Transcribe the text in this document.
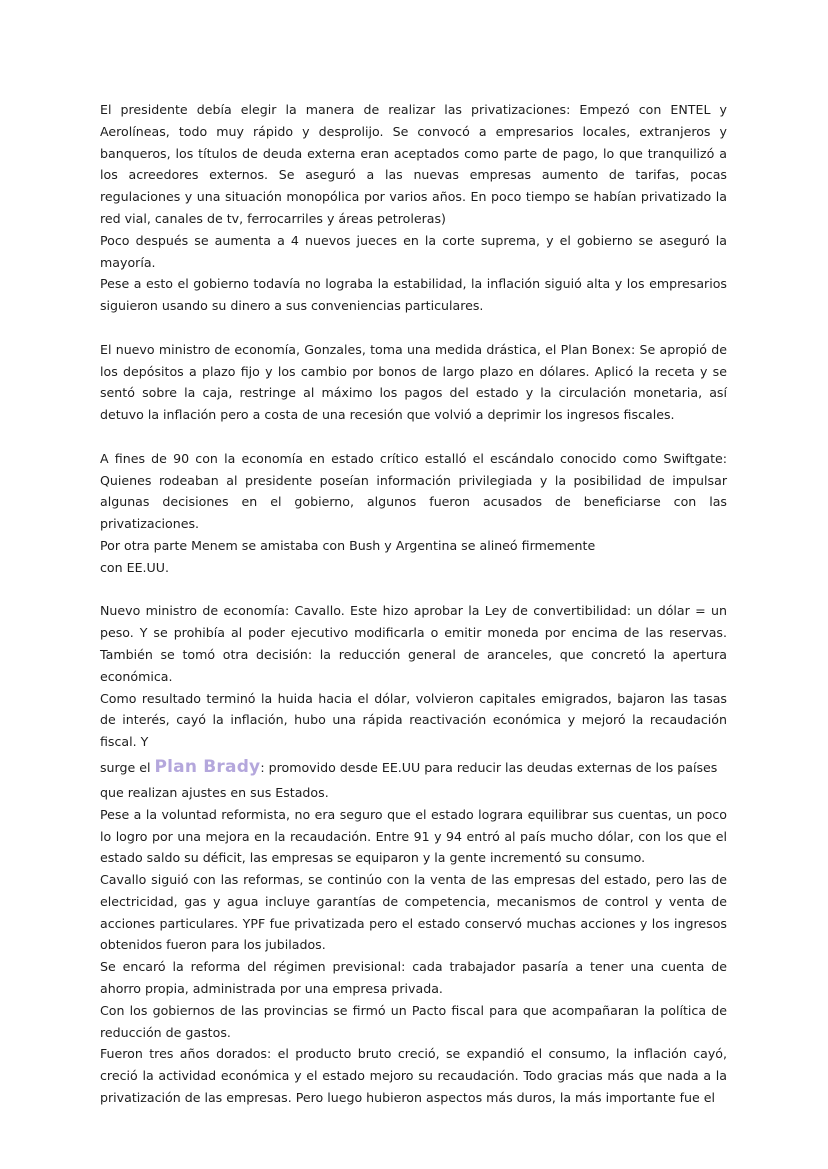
El presidente debía elegir la manera de realizar las privatizaciones: Empezó con ENTEL y Aerolíneas, todo muy rápido y desprolijo. Se convocó a empresarios locales, extranjeros y banqueros, los títulos de deuda externa eran aceptados como parte de pago, lo que tranquilizó a los acreedores externos. Se aseguró a las nuevas empresas aumento de tarifas, pocas regulaciones y una situación monopólica por varios años. En poco tiempo se habían privatizado la red vial, canales de tv, ferrocarriles y áreas petroleras)

Poco después se aumenta a 4 nuevos jueces en la corte suprema, y el gobierno se aseguró la mayoría.

Pese a esto el gobierno todavía no lograba la estabilidad, la inflación siguió alta y los empresarios siguieron usando su dinero a sus conveniencias particulares.

El nuevo ministro de economía, Gonzales, toma una medida drástica, el Plan Bonex: Se apropió de los depósitos a plazo fijo y los cambio por bonos de largo plazo en dólares. Aplicó la receta y se sentó sobre la caja, restringe al máximo los pagos del estado y la circulación monetaria, así detuvo la inflación pero a costa de una recesión que volvió a deprimir los ingresos fiscales.

A fines de 90 con la economía en estado crítico estalló el escándalo conocido como Swiftgate: Quienes rodeaban al presidente poseían información privilegiada y la posibilidad de impulsar algunas decisiones en el gobierno, algunos fueron acusados de beneficiarse con las privatizaciones.

Por otra parte Menem se amistaba con Bush y Argentina se alineó firmemente

con EE.UU.

Nuevo ministro de economía: Cavallo. Este hizo aprobar la Ley de convertibilidad: un dólar = un peso. Y se prohibía al poder ejecutivo modificarla o emitir moneda por encima de las reservas. También se tomó otra decisión: la reducción general de aranceles, que concretó la apertura económica.

Como resultado terminó la huida hacia el dólar, volvieron capitales emigrados, bajaron las tasas de interés, cayó la inflación, hubo una rápida reactivación económica y mejoró la recaudación fiscal. Y

surge el Plan Brady: promovido desde EE.UU para reducir las deudas externas de los países

que realizan ajustes en sus Estados.

Pese a la voluntad reformista, no era seguro que el estado lograra equilibrar sus cuentas, un poco lo logro por una mejora en la recaudación. Entre 91 y 94 entró al país mucho dólar, con los que el estado saldo su déficit, las empresas se equiparon y la gente incrementó su consumo.

Cavallo siguió con las reformas, se continúo con la venta de las empresas del estado, pero las de electricidad, gas y agua incluye garantías de competencia, mecanismos de control y venta de acciones particulares. YPF fue privatizada pero el estado conservó muchas acciones y los ingresos obtenidos fueron para los jubilados.

Se encaró la reforma del régimen previsional: cada trabajador pasaría a tener una cuenta de ahorro propia, administrada por una empresa privada.

Con los gobiernos de las provincias se firmó un Pacto fiscal para que acompañaran la política de reducción de gastos.

Fueron tres años dorados: el producto bruto creció, se expandió el consumo, la inflación cayó, creció la actividad económica y el estado mejoro su recaudación. Todo gracias más que nada a la privatización de las empresas. Pero luego hubieron aspectos más duros, la más importante fue el
